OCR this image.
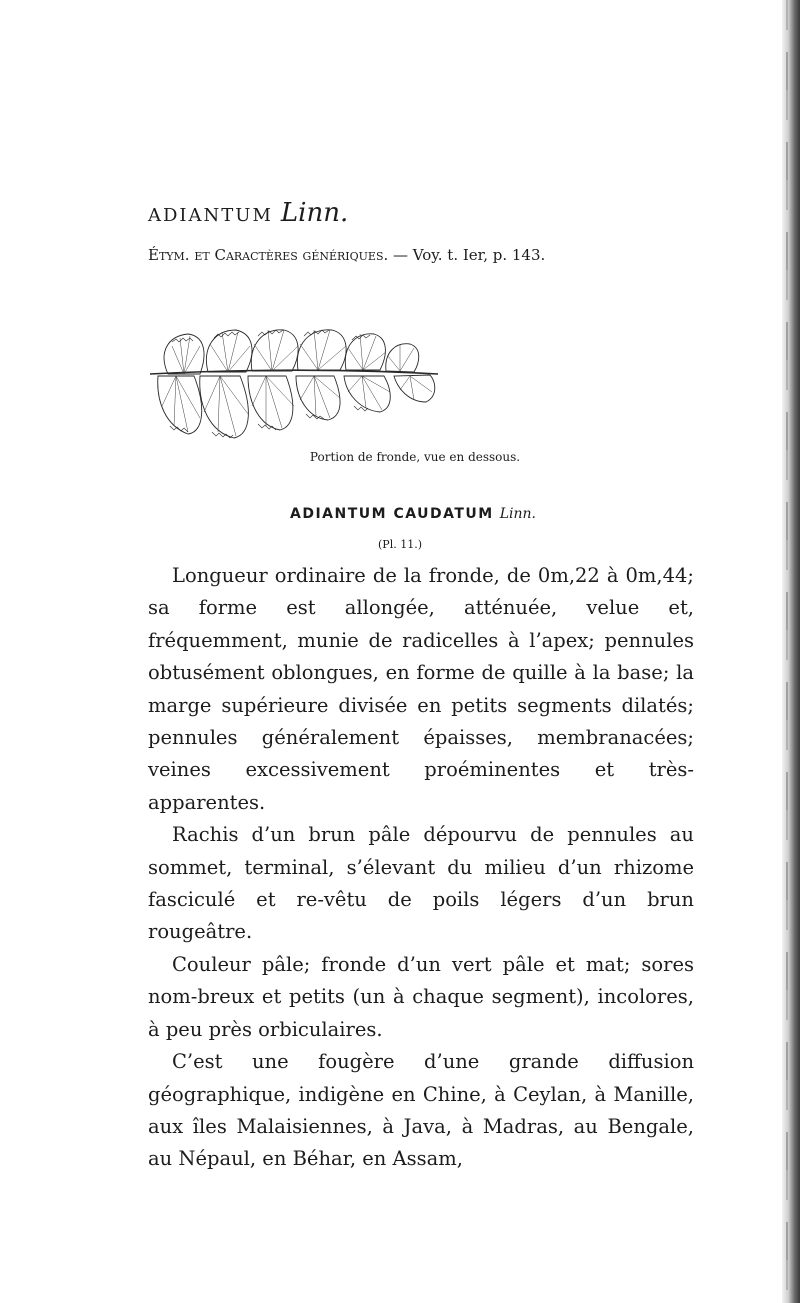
adiantum Linn.
Étym. et Caractères génériques. — Voy. t. Ier, p. 143.
Portion de fronde, vue en dessous.
ADIANTUM CAUDATUM Linn.
(Pl. 11.)

Longueur ordinaire de la fronde, de 0m,22 à 0m,44; sa forme est allongée, atténuée, velue et, fréquemment, munie de radicelles à l’apex; pennules obtusément oblongues, en forme de quille à la base; la marge supérieure divisée en petits segments dilatés; pennules généralement épaisses, membranacées; veines excessivement proéminentes et très-apparentes.

Rachis d’un brun pâle dépourvu de pennules au sommet, terminal, s’élevant du milieu d’un rhizome fasciculé et re-vêtu de poils légers d’un brun rougeâtre.

Couleur pâle; fronde d’un vert pâle et mat; sores nom-breux et petits (un à chaque segment), incolores, à peu près orbiculaires.

C’est une fougère d’une grande diffusion géographique, indigène en Chine, à Ceylan, à Manille, aux îles Malaisiennes, à Java, à Madras, au Bengale, au Népaul, en Béhar, en Assam,
